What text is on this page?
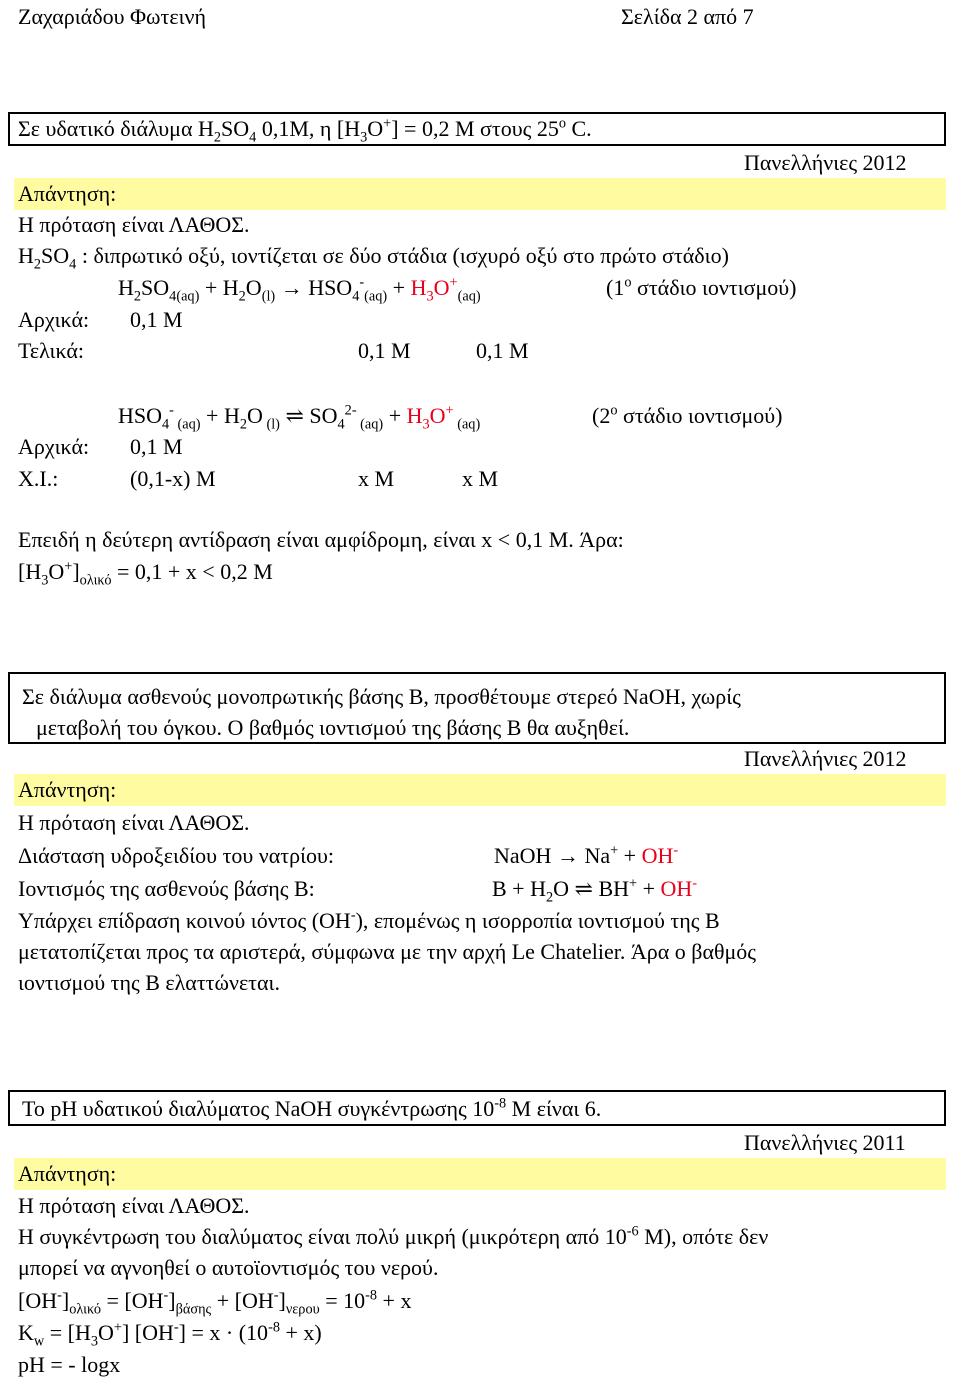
Ζαχαριάδου Φωτεινή	Σελίδα 2 από 7
Σε υδατικό διάλυμα $H_2SO_4$ 0,1Μ, η $[H_3O^+] = 0,2$ M στους $25^o$ C.
Πανελλήνιες 2012
Απάντηση:
Η πρόταση είναι ΛΑΘΟΣ.
$H_2SO_4$ : διπρωτικό οξύ, ιοντίζεται σε δύο στάδια (ισχυρό οξύ στο πρώτο στάδιο)
$H_2SO_{4(aq)} + H_2O_{(l)} \to HSO_4^-_{(aq)} + H_3O^+_{(aq)}$	($1^o$ στάδιο ιοντισμού)
Αρχικά: 0,1 M
Τελικά:	0,1 M	0,1 M
$HSO_4^-$ $_{(aq)} + H_2O$ $_{(l)}$ ⇌ $SO_4^{2-}$ $_{(aq)} + H_3O^+$ $_{(aq)}$	($2^o$ στάδιο ιοντισμού)
Αρχικά: 0,1 M
Χ.Ι.:	(0,1-x) M	x M	x M
Επειδή η δεύτερη αντίδραση είναι αμφίδρομη, είναι x < 0,1 M. Άρα:
$[H_3O^+]_{o\lambda\iota\kappa ό} = 0,1 + x < 0,2$ M
Σε διάλυμα ασθενούς μονοπρωτικής βάσης Β, προσθέτουμε στερεό NaOH, χωρίς
μεταβολή του όγκου. Ο βαθμός ιοντισμού της βάσης Β θα αυξηθεί.
Πανελλήνιες 2012
Απάντηση:
Η πρόταση είναι ΛΑΘΟΣ.
Διάσταση υδροξειδίου του νατρίου:	NaOH → Na+ + OH-
Ιοντισμός της ασθενούς βάσης Β:	$B + H_2O$ ⇌ BH+ + OH-
Υπάρχει επίδραση κοινού ιόντος (OH-), επομένως η ισορροπία ιοντισμού της Β
μετατοπίζεται προς τα αριστερά, σύμφωνα με την αρχή Le Chatelier. Άρα ο βαθμός
ιοντισμού της Β ελαττώνεται.
Το pH υδατικού διαλύματος NaOH συγκέντρωσης $10^{-8}$ M είναι 6.
Πανελλήνιες 2011
Απάντηση:
Η πρόταση είναι ΛΑΘΟΣ.
Η συγκέντρωση του διαλύματος είναι πολύ μικρή (μικρότερη από $10^{-6}$ M), οπότε δεν
μπορεί να αγνοηθεί ο αυτοϊοντισμός του νερού.
$[OH^-]_{o\lambda\iota\kappa ό} = [OH^-]_{\beta ά\sigma\eta\varsigma} + [OH^-]_{\nu\varepsilon\rho o\upsilon} = 10^{-8} + x$
$K_w = [H_3O^+] [OH^-] = x \cdot (10^{-8} + x)$
pH = - logx
